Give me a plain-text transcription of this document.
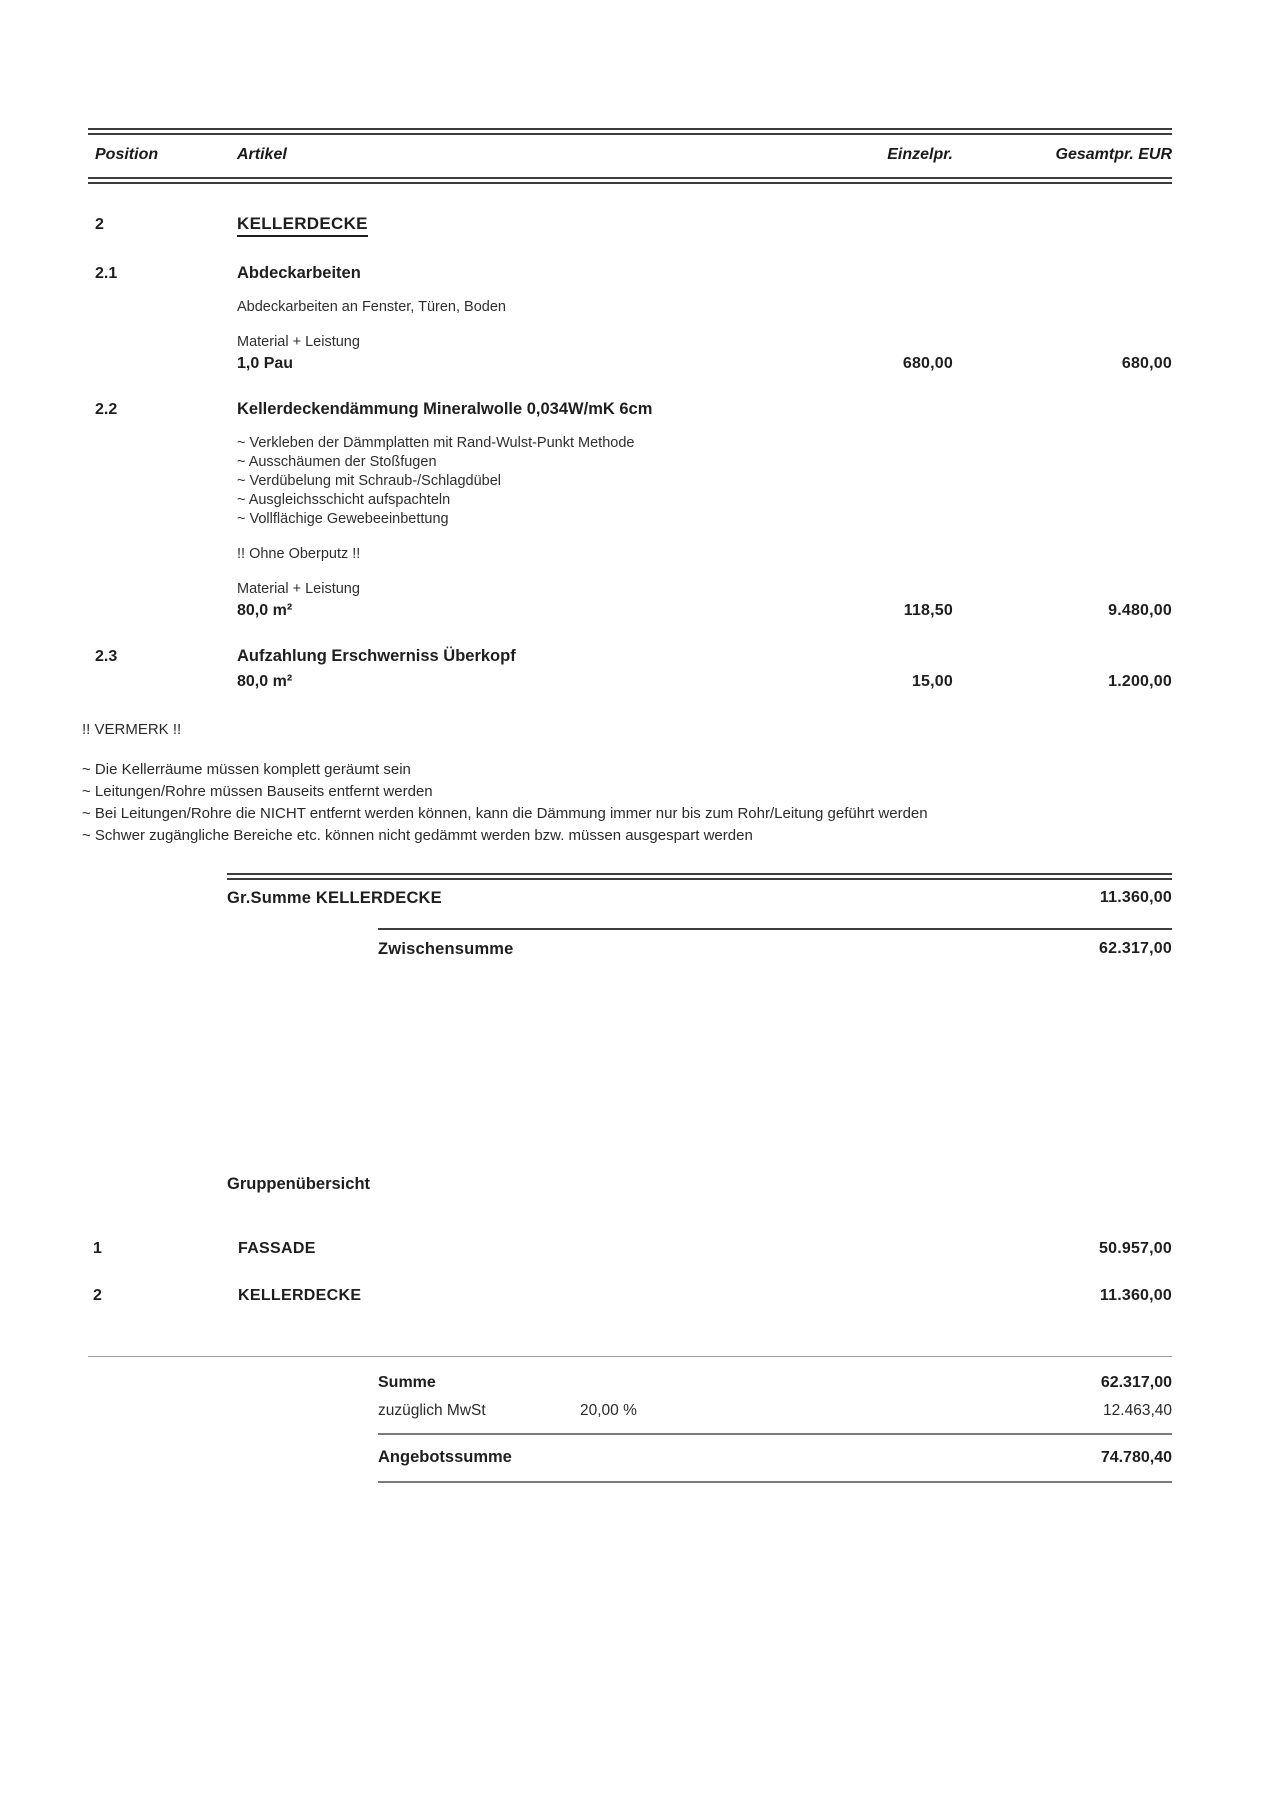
Position	Artikel	Einzelpr.	Gesamtpr. EUR
2	KELLERDECKE
2.1	Abdeckarbeiten
Abdeckarbeiten an Fenster, Türen, Boden
Material + Leistung
1,0 Pau	680,00	680,00
2.2	Kellerdeckendämmung Mineralwolle 0,034W/mK 6cm
~ Verkleben der Dämmplatten mit Rand-Wulst-Punkt Methode
~ Ausschäumen der Stoßfugen
~ Verdübelung mit Schraub-/Schlagdübel
~ Ausgleichsschicht aufspachteln
~ Vollflächige Gewebeeinbettung
!! Ohne Oberputz !!
Material + Leistung
80,0 m²	118,50	9.480,00
2.3	Aufzahlung Erschwerniss Überkopf
80,0 m²	15,00	1.200,00
!! VERMERK !!
~ Die Kellerräume müssen komplett geräumt sein
~ Leitungen/Rohre müssen Bauseits entfernt werden
~ Bei Leitungen/Rohre die NICHT entfernt werden können, kann die Dämmung immer nur bis zum Rohr/Leitung geführt werden
~ Schwer zugängliche Bereiche etc. können nicht gedämmt werden bzw. müssen ausgespart werden
Gr.Summe KELLERDECKE	11.360,00
Zwischensumme	62.317,00
Gruppenübersicht
1	FASSADE	50.957,00
2	KELLERDECKE	11.360,00
Summe	62.317,00
zuzüglich MwSt	20,00 %	12.463,40
Angebotssumme	74.780,40
